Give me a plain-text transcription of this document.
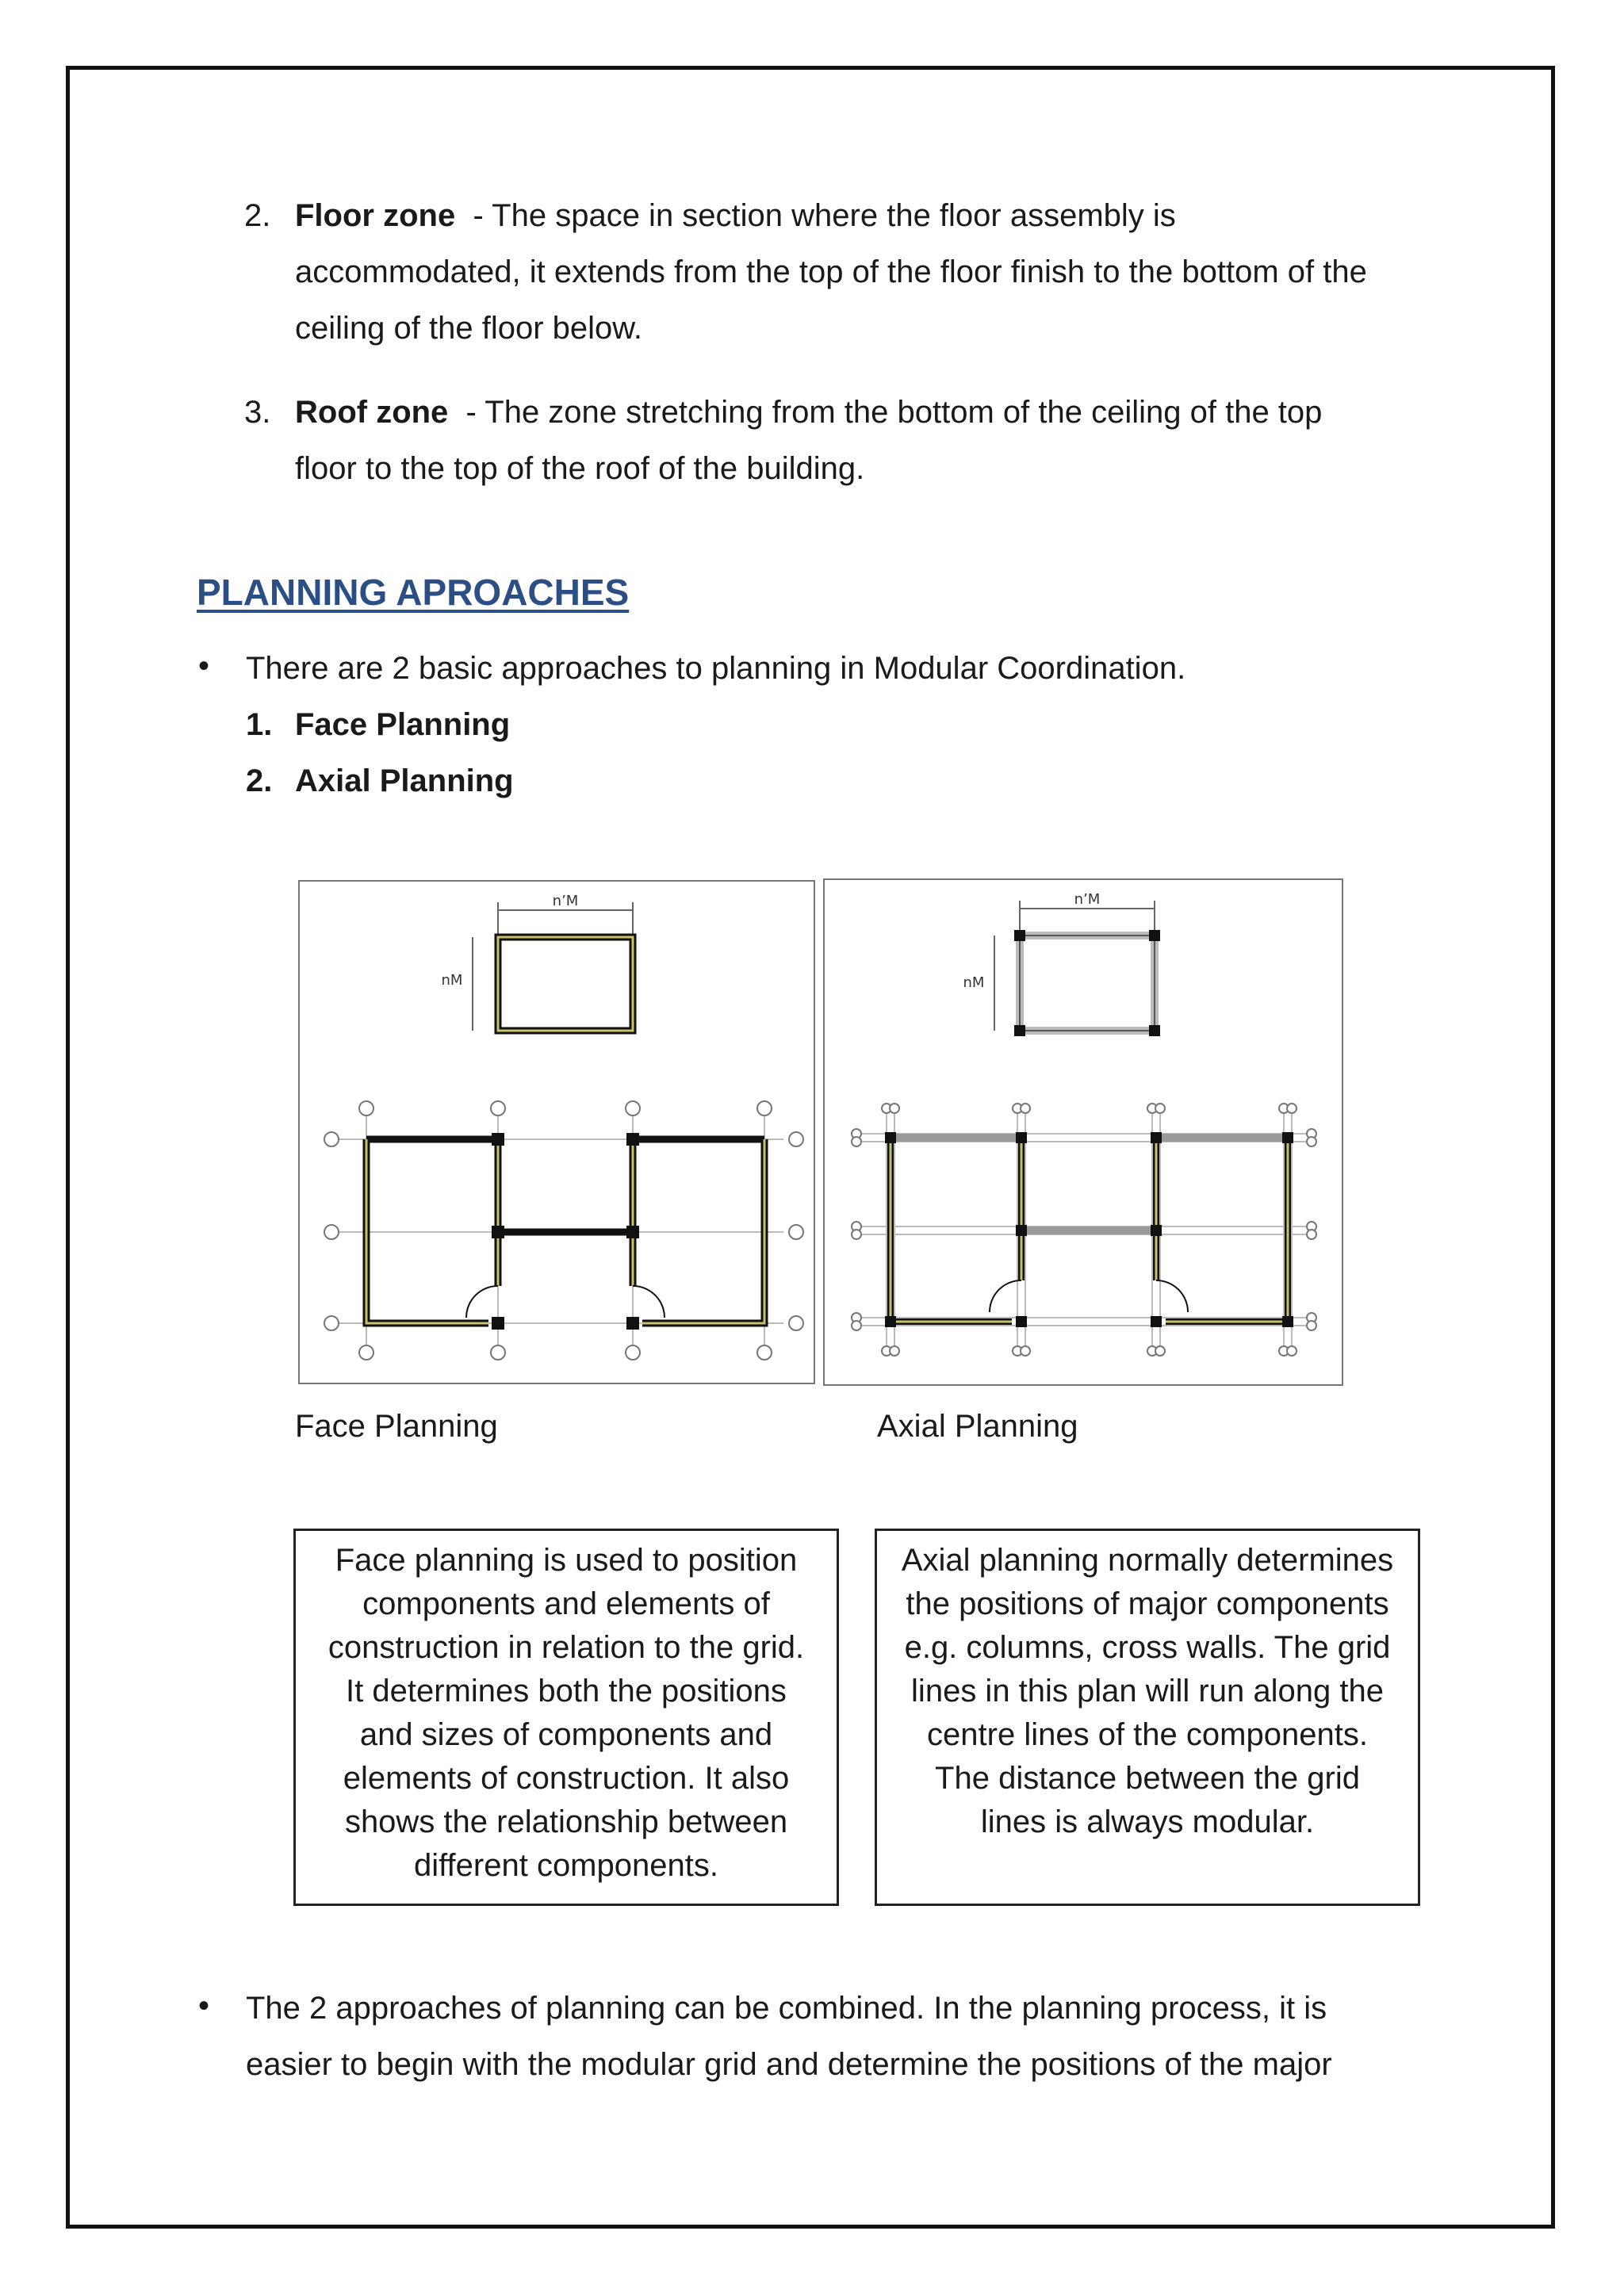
2. Floor zone - The space in section where the floor assembly is
accommodated, it extends from the top of the floor finish to the bottom of the
ceiling of the floor below.
3. Roof zone - The zone stretching from the bottom of the ceiling of the top
floor to the top of the roof of the building.
PLANNING APROACHES
• There are 2 basic approaches to planning in Modular Coordination.
1. Face Planning
2. Axial Planning
n’M
nM
n’M
nM
Face Planning	Axial Planning
Face planning is used to position components and elements of construction in relation to the grid. It determines both the positions and sizes of components and elements of construction. It also shows the relationship between different components.
Axial planning normally determines the positions of major components e.g. columns, cross walls. The grid lines in this plan will run along the centre lines of the components. The distance between the grid lines is always modular.
• The 2 approaches of planning can be combined. In the planning process, it is
easier to begin with the modular grid and determine the positions of the major
